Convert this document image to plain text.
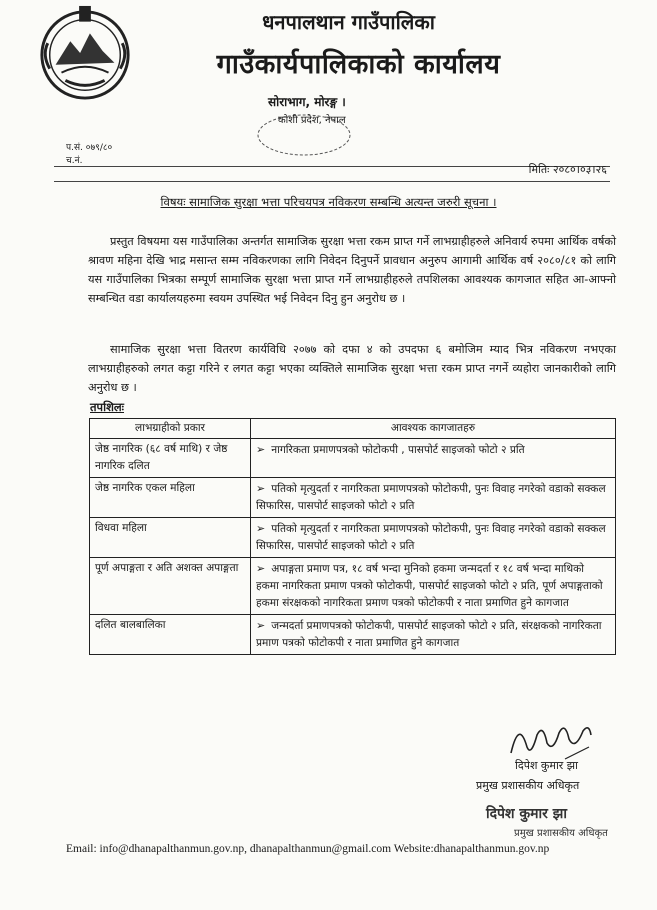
धनपालथान गाउँपालिका
गाउँकार्यपालिकाको कार्यालय
सोराभाग, मोरङ्ग ।
कोशी प्रदेश, नेपाल
प.सं. ०७९/८०
च.नं.
मितिः २०८०।०३।२६
विषयः सामाजिक सुरक्षा भत्ता परिचयपत्र नविकरण सम्बन्धि अत्यन्त जरुरी सूचना ।
प्रस्तुत विषयमा यस गाउँपालिका अन्तर्गत सामाजिक सुरक्षा भत्ता रकम प्राप्त गर्ने लाभग्राहीहरुले अनिवार्य रुपमा आर्थिक वर्षको श्रावण महिना देखि भाद्र मसान्त सम्म नविकरणका लागि निवेदन दिनुपर्ने प्रावधान अनुरुप आगामी आर्थिक वर्ष २०८०/८१ को लागि यस गाउँपालिका भित्रका सम्पूर्ण सामाजिक सुरक्षा भत्ता प्राप्त गर्ने लाभग्राहीहरुले तपशिलका आवश्यक कागजात सहित आ-आफ्नो सम्बन्धित वडा कार्यालयहरुमा स्वयम उपस्थित भई निवेदन दिनु हुन अनुरोध छ ।
सामाजिक सुरक्षा भत्ता वितरण कार्यविधि २०७७ को दफा ४ को उपदफा ६ बमोजिम म्याद भित्र नविकरण नभएका लाभग्राहीहरुको लगत कट्टा गरिने र लगत कट्टा भएका व्यक्तिले सामाजिक सुरक्षा भत्ता रकम प्राप्त नगर्ने व्यहोरा जानकारीको लागि अनुरोध छ ।
तपशिलः
लाभग्राहीको प्रकार	आवश्यक कागजातहरु
जेष्ठ नागरिक (६८ वर्ष माथि) र जेष्ठ नागरिक दलित	➢ नागरिकता प्रमाणपत्रको फोटोकपी , पासपोर्ट साइजको फोटो २ प्रति
जेष्ठ नागरिक एकल महिला	➢ पतिको मृत्युदर्ता र नागरिकता प्रमाणपत्रको फोटोकपी, पुनः विवाह नगरेको वडाको सक्कल सिफारिस, पासपोर्ट साइजको फोटो २ प्रति
विधवा महिला	➢ पतिको मृत्युदर्ता र नागरिकता प्रमाणपत्रको फोटोकपी, पुनः विवाह नगरेको वडाको सक्कल सिफारिस, पासपोर्ट साइजको फोटो २ प्रति
पूर्ण अपाङ्गता र अति अशक्त अपाङ्गता	➢ अपाङ्गता प्रमाण पत्र, १८ वर्ष भन्दा मुनिको हकमा जन्मदर्ता र १८ वर्ष भन्दा माथिको हकमा नागरिकता प्रमाण पत्रको फोटोकपी, पासपोर्ट साइजको फोटो २ प्रति, पूर्ण अपाङ्गताको हकमा संरक्षकको नागरिकता प्रमाण पत्रको फोटोकपी र नाता प्रमाणित हुने कागजात
दलित बालबालिका	➢ जन्मदर्ता प्रमाणपत्रको फोटोकपी, पासपोर्ट साइजको फोटो २ प्रति, संरक्षकको नागरिकता प्रमाण पत्रको फोटोकपी र नाता प्रमाणित हुने कागजात
दिपेश कुमार झा
प्रमुख प्रशासकीय अधिकृत
दिपेश कुमार झा
प्रमुख प्रशासकीय अधिकृत
Email: info@dhanapalthanmun.gov.np, dhanapalthanmun@gmail.com Website:dhanapalthanmun.gov.np
